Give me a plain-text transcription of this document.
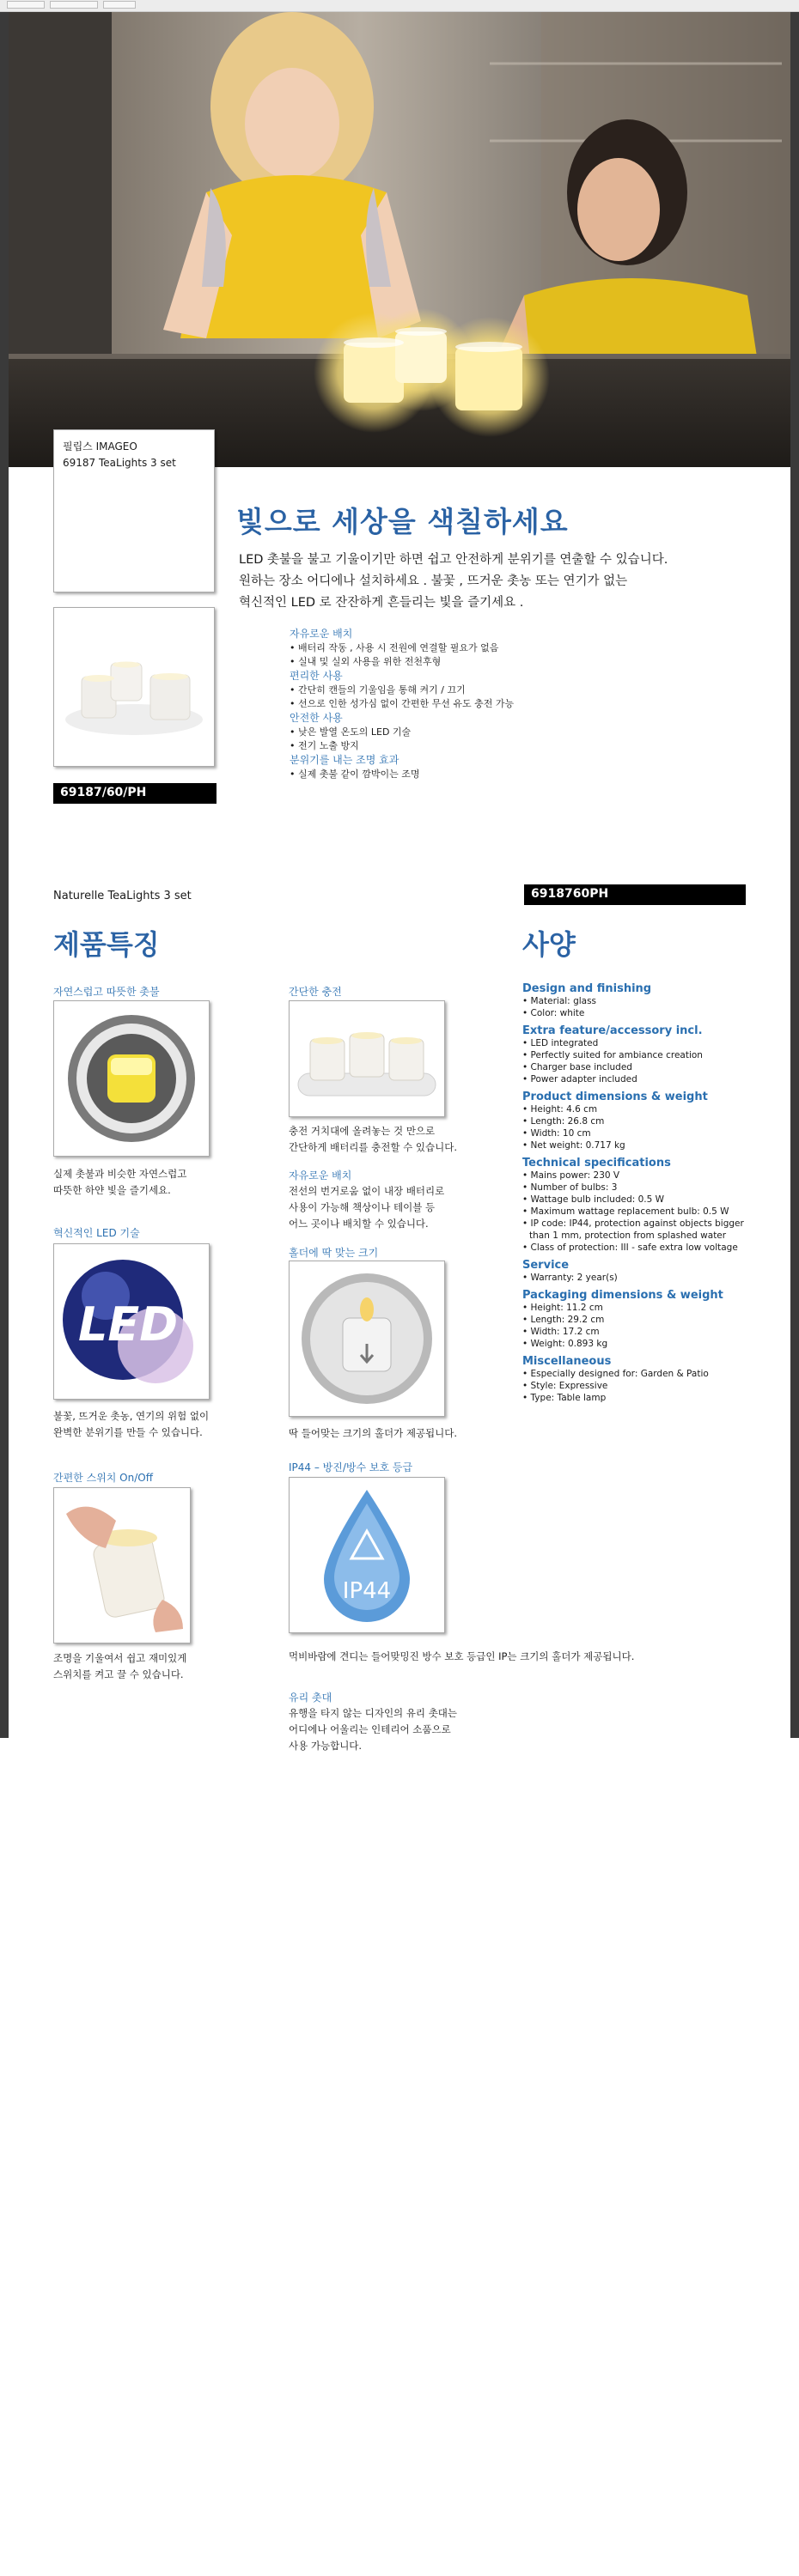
필립스 IMAGEO
69187 TeaLights 3 set
69187/60/PH
빛으로 세상을 색칠하세요
LED 촛불을 불고 기울이기만 하면 쉽고 안전하게 분위기를 연출할 수 있습니다.
원하는 장소 어디에나 설치하세요 . 불꽃 , 뜨거운 촛농 또는 연기가 없는
혁신적인 LED 로 잔잔하게 흔들리는 빛을 즐기세요 .
자유로운 배치
• 배터리 작동 , 사용 시 전원에 연결할 필요가 없음
• 실내 및 실외 사용을 위한 전천후형
편리한 사용
• 간단히 캔들의 기울임을 통해 켜기 / 끄기
• 선으로 인한 성가심 없이 간편한 무선 유도 충전 가능
안전한 사용
• 낮은 발열 온도의 LED 기술
• 전기 노출 방지
분위기를 내는 조명 효과
• 실제 촛불 같이 깜박이는 조명
Naturelle TeaLights 3 set	6918760PH
제품특징	사양
자연스럽고 따뜻한 촛불
실제 촛불과 비슷한 자연스럽고
따뜻한 하얀 빛을 즐기세요.
혁신적인 LED 기술
LED
불꽃, 뜨거운 촛농, 연기의 위험 없이
완벽한 분위기를 만들 수 있습니다.
간편한 스위치 On/Off
조명을 기울여서 쉽고 재미있게
스위치를 켜고 끌 수 있습니다.
간단한 충전
충전 거치대에 올려놓는 것 만으로
간단하게 배터리를 충전할 수 있습니다.
자유로운 배치
전선의 번거로움 없이 내장 배터리로
사용이 가능해 책상이나 테이블 등
어느 곳이나 배치할 수 있습니다.
홀더에 딱 맞는 크기
딱 들어맞는 크기의 홀더가 제공됩니다.
IP44 – 방진/방수 보호 등급
IP44
먹비바람에 견디는 들어맞밍진 방수 보호 등급인 IP는 크기의 홀더가 제공됩니다.
유리 촛대
유행을 타지 않는 디자인의 유리 촛대는
어디에나 어울리는 인테리어 소품으로
사용 가능합니다.
Design and finishing
• Material: glass
• Color: white
Extra feature/accessory incl.
• LED integrated
• Perfectly suited for ambiance creation
• Charger base included
• Power adapter included
Product dimensions & weight
• Height: 4.6 cm
• Length: 26.8 cm
• Width: 10 cm
• Net weight: 0.717 kg
Technical specifications
• Mains power: 230 V
• Number of bulbs: 3
• Wattage bulb included: 0.5 W
• Maximum wattage replacement bulb: 0.5 W
• IP code: IP44, protection against objects bigger
than 1 mm, protection from splashed water
• Class of protection: III - safe extra low voltage
Service
• Warranty: 2 year(s)
Packaging dimensions & weight
• Height: 11.2 cm
• Length: 29.2 cm
• Width: 17.2 cm
• Weight: 0.893 kg
Miscellaneous
• Especially designed for: Garden & Patio
• Style: Expressive
• Type: Table lamp
